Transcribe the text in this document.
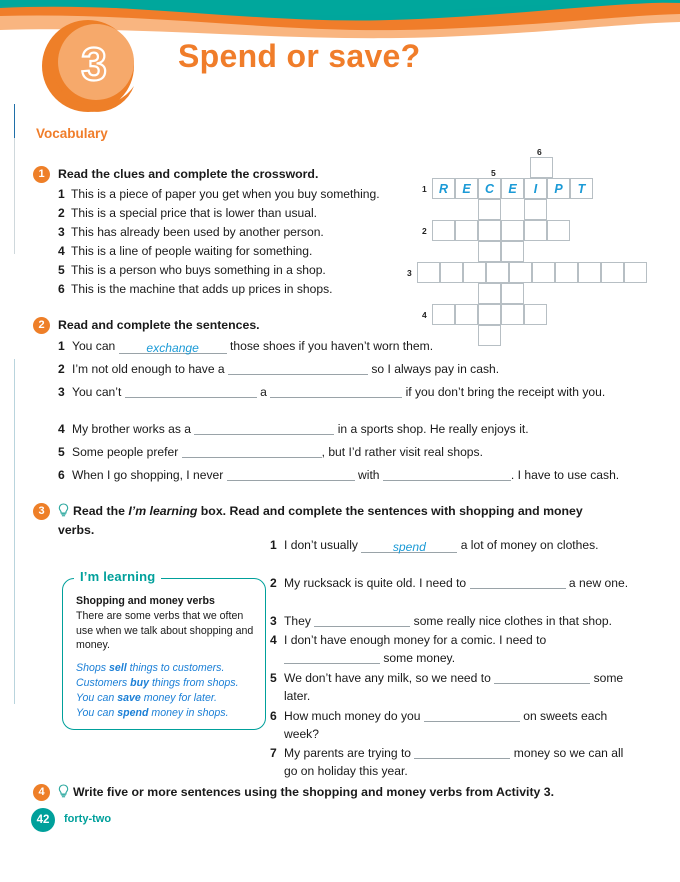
3 Spend or save?
Vocabulary
1	Read the clues and complete the crossword.
1 This is a piece of paper you get when you buy something.
2 This is a special price that is lower than usual.
3 This has already been used by another person.
4 This is a line of people waiting for something.
5 This is a person who buys something in a shop.
6 This is the machine that adds up prices in shops.
6
5
1 R	E	C	E	I	P	T
2
3
4
2	Read and complete the sentences.
1 You can	exchange	those shoes if you haven’t worn them.
2 I’m not old enough to have a	so I always pay in cash.
3 You can’t	a	if you don’t bring the receipt with you.
4 My brother works as a	in a sports shop. He really enjoys it.
5 Some people prefer	, but I’d rather visit real shops.
6 When I go shopping, I never	with	. I have to use cash.
3	Read the I’m learning box. Read and complete the sentences with shopping and money verbs.
I’m learning
Shopping and money verbs
There are some verbs that we often use when we talk about shopping and money.
Shops sell things to customers.
Customers buy things from shops.
You can save money for later.
You can spend money in shops.
1 I don’t usually	spend	a lot of money on clothes.
2 My rucksack is quite old. I need to	a new one.
3 They	some really nice clothes in that shop.
4 I don’t have enough money for a comic. I need to  some money.
5 We don’t have any milk, so we need to	some later.
6 How much money do you	on sweets each week?
7 My parents are trying to	money so we can all go on holiday this year.
4	Write five or more sentences using the shopping and money verbs from Activity 3.
42	forty-two
